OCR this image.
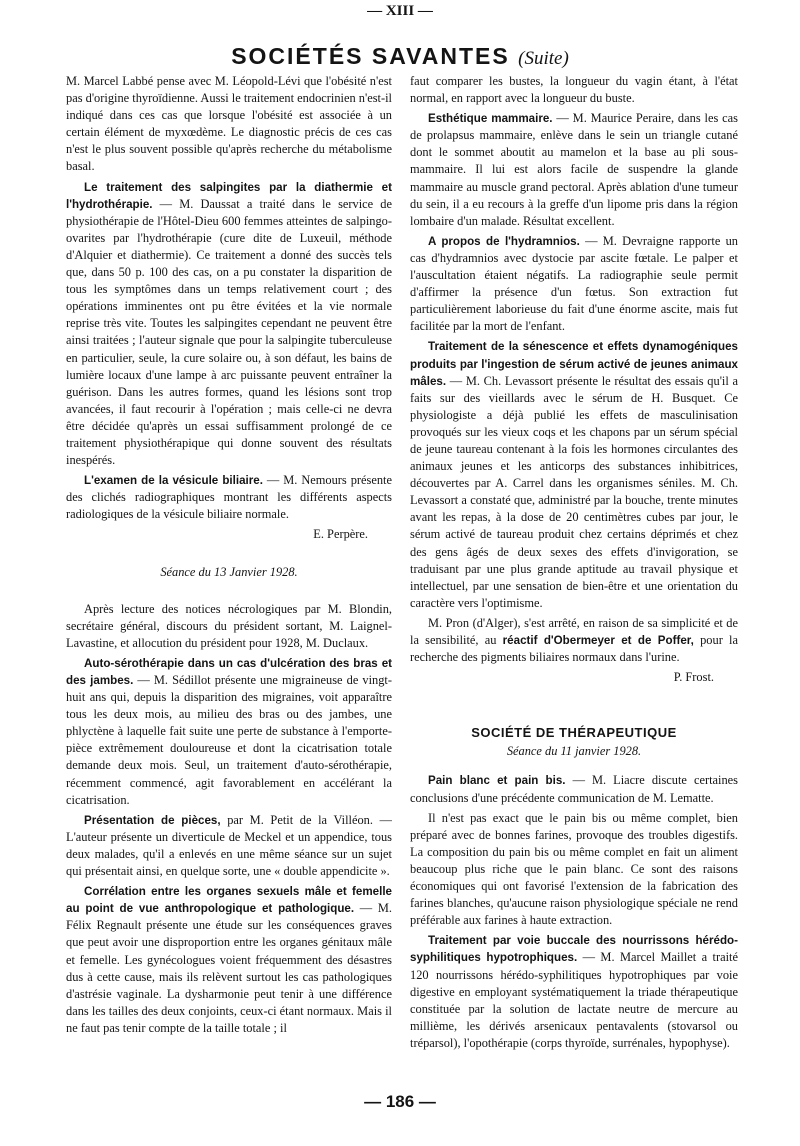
— XIII —
SOCIÉTÉS SAVANTES (Suite)

M. Marcel Labbé pense avec M. Léopold-Lévi que l'obésité n'est pas d'origine thyroïdienne. Aussi le traitement endocrinien n'est-il indiqué dans ces cas que lorsque l'obésité est associée à un certain élément de myxœdème. Le diagnostic précis de ces cas n'est le plus souvent possible qu'après recherche du métabolisme basal.

Le traitement des salpingites par la diathermie et l'hydrothérapie. — M. Daussat a traité dans le service de physiothérapie de l'Hôtel-Dieu 600 femmes atteintes de salpingo-ovarites par l'hydrothérapie (cure dite de Luxeuil, méthode d'Alquier et diathermie). Ce traitement a donné des succès tels que, dans 50 p. 100 des cas, on a pu constater la disparition de tous les symptômes dans un temps relativement court ; des opérations imminentes ont pu être évitées et la vie normale reprise très vite. Toutes les salpingites cependant ne peuvent être ainsi traitées ; l'auteur signale que pour la salpingite tuberculeuse en particulier, seule, la cure solaire ou, à son défaut, les bains de lumière locaux d'une lampe à arc puissante peuvent entraîner la guérison. Dans les autres formes, quand les lésions sont trop avancées, il faut recourir à l'opération ; mais celle-ci ne devra être décidée qu'après un essai suffisamment prolongé de ce traitement physiothérapique qui donne souvent des résultats inespérés.

L'examen de la vésicule biliaire. — M. Nemours présente des clichés radiographiques montrant les différents aspects radiologiques de la vésicule biliaire normale.

E. Perpère.

Séance du 13 Janvier 1928.

Après lecture des notices nécrologiques par M. Blondin, secrétaire général, discours du président sortant, M. Laignel-Lavastine, et allocution du président pour 1928, M. Duclaux.

Auto-sérothérapie dans un cas d'ulcération des bras et des jambes. — M. Sédillot présente une migraineuse de vingt-huit ans qui, depuis la disparition des migraines, voit apparaître tous les deux mois, au milieu des bras ou des jambes, une phlyctène à laquelle fait suite une perte de substance à l'emporte-pièce extrêmement douloureuse et dont la cicatrisation totale demande deux mois. Seul, un traitement d'auto-sérothérapie, récemment commencé, agit favorablement en accélérant la cicatrisation.

Présentation de pièces, par M. Petit de la Villéon. — L'auteur présente un diverticule de Meckel et un appendice, tous deux malades, qu'il a enlevés en une même séance sur un sujet qui présentait ainsi, en quelque sorte, une « double appendicite ».

Corrélation entre les organes sexuels mâle et femelle au point de vue anthropologique et pathologique. — M. Félix Regnault présente une étude sur les conséquences graves que peut avoir une disproportion entre les organes génitaux mâle et femelle. Les gynécologues voient fréquemment des désastres dus à cette cause, mais ils relèvent surtout les cas pathologiques d'astrésie vaginale. La dysharmonie peut tenir à une différence dans les tailles des deux conjoints, ceux-ci étant normaux. Mais il ne faut pas tenir compte de la taille totale ; il

faut comparer les bustes, la longueur du vagin étant, à l'état normal, en rapport avec la longueur du buste.

Esthétique mammaire. — M. Maurice Peraire, dans les cas de prolapsus mammaire, enlève dans le sein un triangle cutané dont le sommet aboutit au mamelon et la base au pli sous-mammaire. Il lui est alors facile de suspendre la glande mammaire au muscle grand pectoral. Après ablation d'une tumeur du sein, il a eu recours à la greffe d'un lipome pris dans la région lombaire d'un malade. Résultat excellent.

A propos de l'hydramnios. — M. Devraigne rapporte un cas d'hydramnios avec dystocie par ascite fœtale. Le palper et l'auscultation étaient négatifs. La radiographie seule permit d'affirmer la présence d'un fœtus. Son extraction fut particulièrement laborieuse du fait d'une énorme ascite, mais fut facilitée par la mort de l'enfant.

Traitement de la sénescence et effets dynamogéniques produits par l'ingestion de sérum activé de jeunes animaux mâles. — M. Ch. Levassort présente le résultat des essais qu'il a faits sur des vieillards avec le sérum de H. Busquet. Ce physiologiste a déjà publié les effets de masculinisation provoqués sur les vieux coqs et les chapons par un sérum spécial de jeune taureau contenant à la fois les hormones circulantes des animaux jeunes et les anticorps des substances inhibitrices, découvertes par A. Carrel dans les organismes séniles. M. Ch. Levassort a constaté que, administré par la bouche, trente minutes avant les repas, à la dose de 20 centimètres cubes par jour, le sérum activé de taureau produit chez certains déprimés et chez des gens âgés de deux sexes des effets d'invigoration, se traduisant par une plus grande aptitude au travail physique et intellectuel, par une sensation de bien-être et une orientation du caractère vers l'optimisme.

M. Pron (d'Alger), s'est arrêté, en raison de sa simplicité et de la sensibilité, au réactif d'Obermeyer et de Poffer, pour la recherche des pigments biliaires normaux dans l'urine.

P. Frost.
SOCIÉTÉ DE THÉRAPEUTIQUE
Séance du 11 janvier 1928.

Pain blanc et pain bis. — M. Liacre discute certaines conclusions d'une précédente communication de M. Lematte.

Il n'est pas exact que le pain bis ou même complet, bien préparé avec de bonnes farines, provoque des troubles digestifs. La composition du pain bis ou même complet en fait un aliment beaucoup plus riche que le pain blanc. Ce sont des raisons économiques qui ont favorisé l'extension de la fabrication des farines blanches, qu'aucune raison physiologique spéciale ne rend préférable aux farines à haute extraction.

Traitement par voie buccale des nourrissons hérédo-syphilitiques hypotrophiques. — M. Marcel Maillet a traité 120 nourrissons hérédo-syphilitiques hypotrophiques par voie digestive en employant systématiquement la triade thérapeutique constituée par la solution de lactate neutre de mercure au millième, les dérivés arsenicaux pentavalents (stovarsol ou tréparsol), l'opothérapie (corps thyroïde, surrénales, hypophyse).

— 186 —
